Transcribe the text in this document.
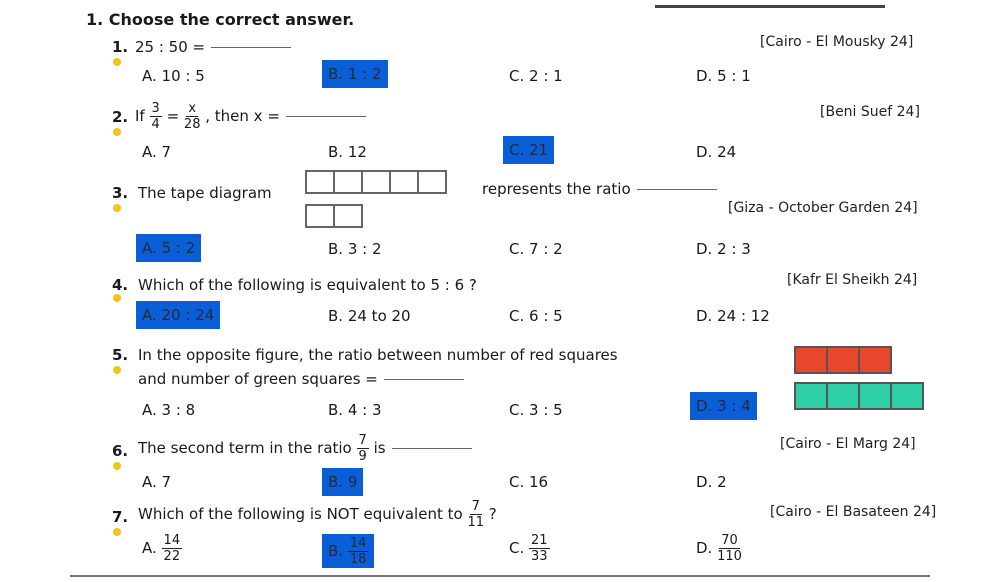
1. Choose the correct answer.
1. 25 : 50 =	[Cairo - El Mousky 24]
A. 10 : 5	B. 1 : 2	C. 2 : 1	D. 5 : 1
2. If $\frac{3}{4} = \frac{x}{28}$ , then x =	[Beni Suef 24]
A. 7	B. 12	C. 21	D. 24
3. The tape diagram	represents the ratio
[Giza - October Garden 24]
A. 5 : 2	B. 3 : 2	C. 7 : 2	D. 2 : 3
4. Which of the following is equivalent to 5 : 6 ?	[Kafr El Sheikh 24]
A. 20 : 24	B. 24 to 20	C. 6 : 5	D. 24 : 12
5. In the opposite figure, the ratio between number of red squares
and number of green squares =
A. 3 : 8	B. 4 : 3	C. 3 : 5	D. 3 : 4
6. The second term in the ratio $\frac{7}{9}$ is	[Cairo - El Marg 24]
A. 7	B. 9	C. 16	D. 2
7. Which of the following is NOT equivalent to $\frac{7}{11}$ ?	[Cairo - El Basateen 24]
A. $\frac{14}{22}$	B. $\frac{14}{18}$	C. $\frac{21}{33}$	D. $\frac{70}{110}$
